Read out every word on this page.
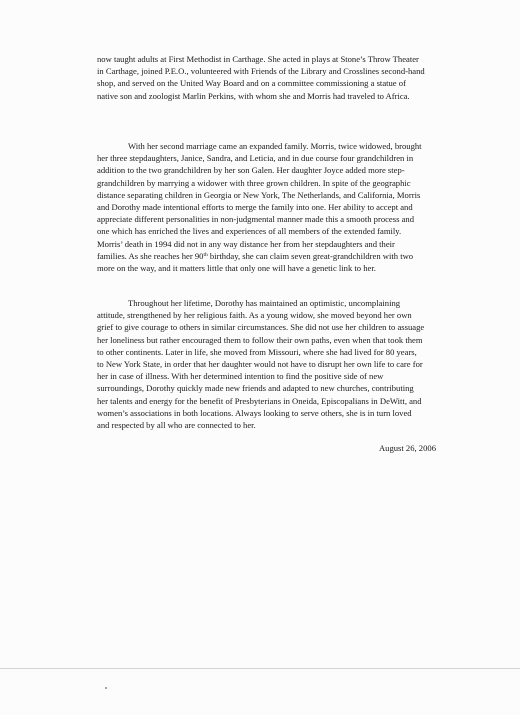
now taught adults at First Methodist in Carthage. She acted in plays at Stone’s Throw Theater in Carthage, joined P.E.O., volunteered with Friends of the Library and Crosslines second-hand shop, and served on the United Way Board and on a committee commissioning a statue of native son and zoologist Marlin Perkins, with whom she and Morris had traveled to Africa.

With her second marriage came an expanded family. Morris, twice widowed, brought her three stepdaughters, Janice, Sandra, and Leticia, and in due course four grandchildren in addition to the two grandchildren by her son Galen. Her daughter Joyce added more step-grandchildren by marrying a widower with three grown children. In spite of the geographic distance separating children in Georgia or New York, The Netherlands, and California, Morris and Dorothy made intentional efforts to merge the family into one. Her ability to accept and appreciate different personalities in non-judgmental manner made this a smooth process and one which has enriched the lives and experiences of all members of the extended family. Morris’ death in 1994 did not in any way distance her from her stepdaughters and their families. As she reaches her 90th birthday, she can claim seven great-grandchildren with two more on the way, and it matters little that only one will have a genetic link to her.

Throughout her lifetime, Dorothy has maintained an optimistic, uncomplaining attitude, strengthened by her religious faith. As a young widow, she moved beyond her own grief to give courage to others in similar circumstances. She did not use her children to assuage her loneliness but rather encouraged them to follow their own paths, even when that took them to other continents. Later in life, she moved from Missouri, where she had lived for 80 years, to New York State, in order that her daughter would not have to disrupt her own life to care for her in case of illness. With her determined intention to find the positive side of new surroundings, Dorothy quickly made new friends and adapted to new churches, contributing her talents and energy for the benefit of Presbyterians in Oneida, Episcopalians in DeWitt, and women’s associations in both locations. Always looking to serve others, she is in turn loved and respected by all who are connected to her.

August 26, 2006
